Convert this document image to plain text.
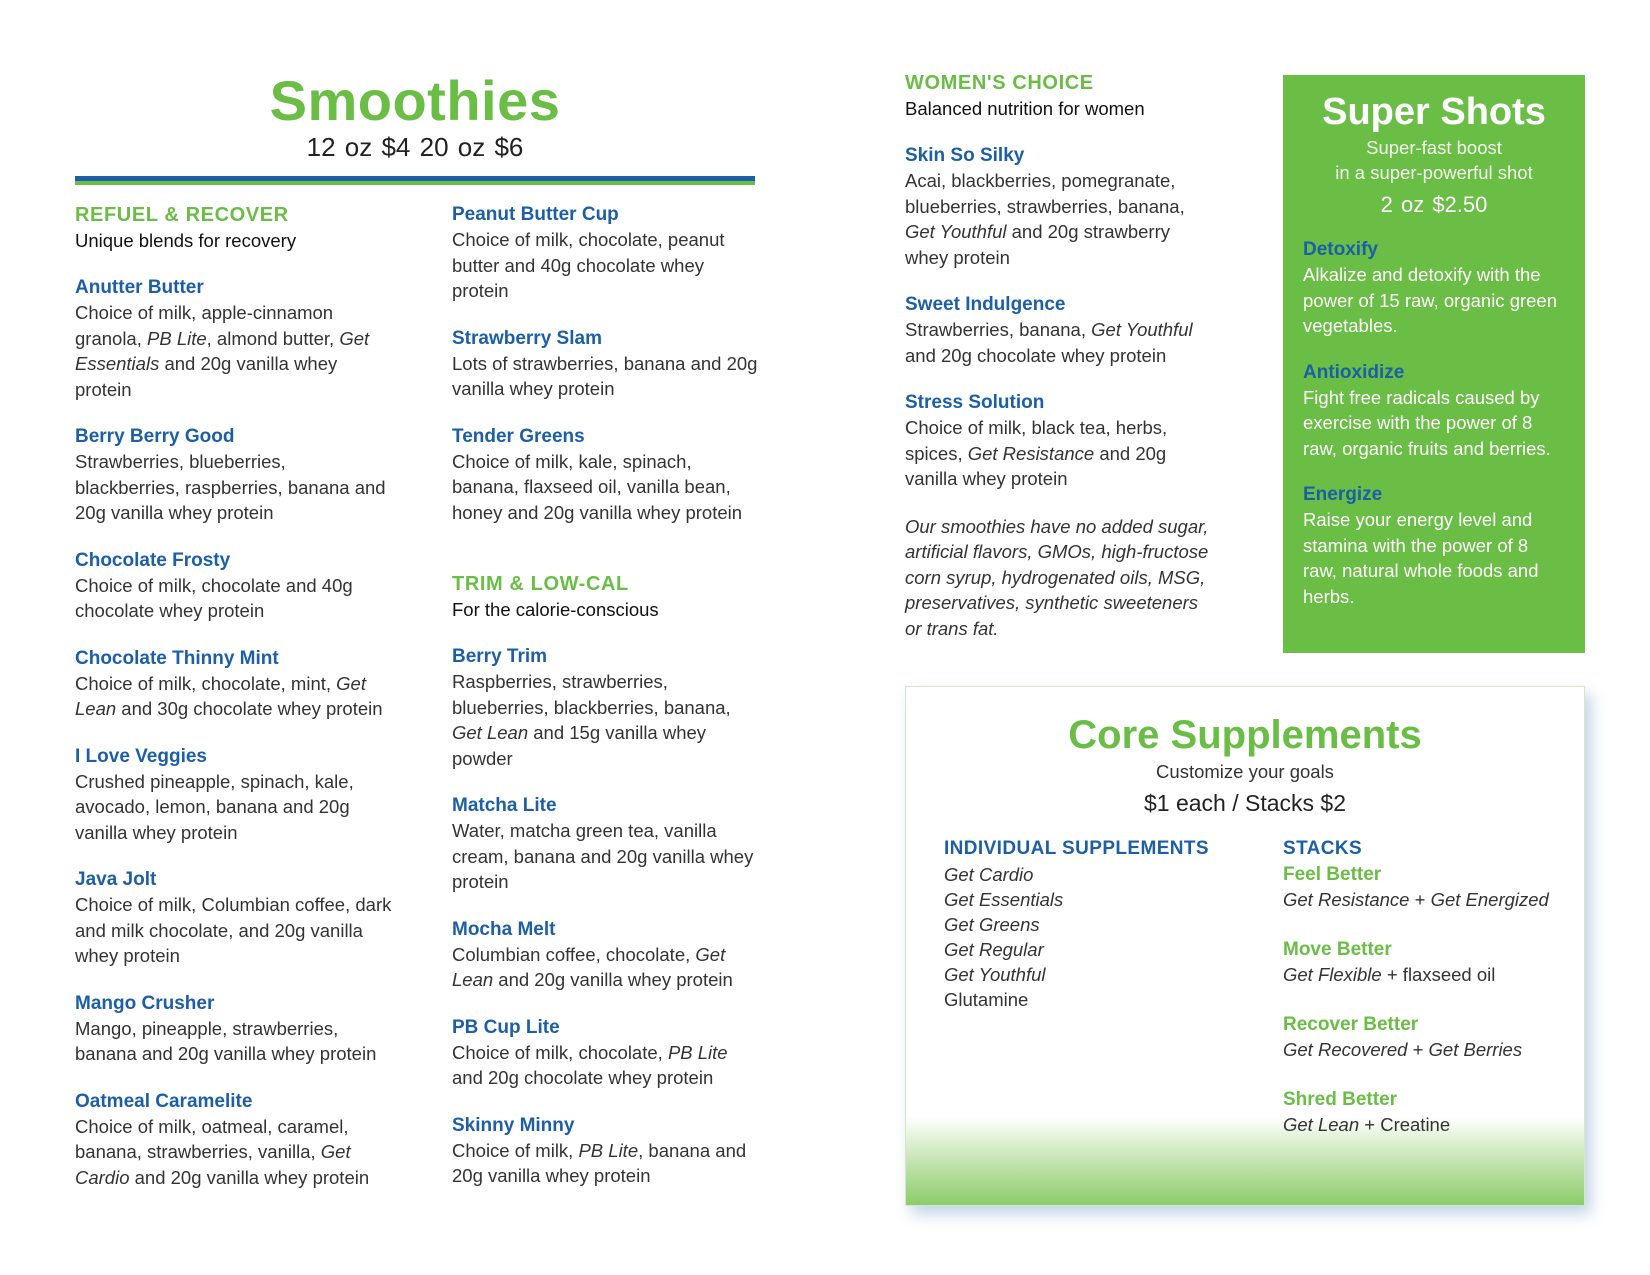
Smoothies
12 oz $4 20 oz $6
REFUEL & RECOVER
Unique blends for recovery
Anutter Butter
Choice of milk, apple-cinnamon granola, PB Lite, almond butter, Get Essentials and 20g vanilla whey protein
Berry Berry Good
Strawberries, blueberries, blackberries, raspberries, banana and 20g vanilla whey protein
Chocolate Frosty
Choice of milk, chocolate and 40g chocolate whey protein
Chocolate Thinny Mint
Choice of milk, chocolate, mint, Get Lean and 30g chocolate whey protein
I Love Veggies
Crushed pineapple, spinach, kale, avocado, lemon, banana and 20g vanilla whey protein
Java Jolt
Choice of milk, Columbian coffee, dark and milk chocolate, and 20g vanilla whey protein
Mango Crusher
Mango, pineapple, strawberries, banana and 20g vanilla whey protein
Oatmeal Caramelite
Choice of milk, oatmeal, caramel, banana, strawberries, vanilla, Get Cardio and 20g vanilla whey protein
Peanut Butter Cup
Choice of milk, chocolate, peanut butter and 40g chocolate whey protein
Strawberry Slam
Lots of strawberries, banana and 20g vanilla whey protein
Tender Greens
Choice of milk, kale, spinach, banana, flaxseed oil, vanilla bean, honey and 20g vanilla whey protein
TRIM & LOW-CAL
For the calorie-conscious
Berry Trim
Raspberries, strawberries, blueberries, blackberries, banana, Get Lean and 15g vanilla whey powder
Matcha Lite
Water, matcha green tea, vanilla cream, banana and 20g vanilla whey protein
Mocha Melt
Columbian coffee, chocolate, Get Lean and 20g vanilla whey protein
PB Cup Lite
Choice of milk, chocolate, PB Lite and 20g chocolate whey protein
Skinny Minny
Choice of milk, PB Lite, banana and 20g vanilla whey protein
WOMEN'S CHOICE
Balanced nutrition for women
Skin So Silky
Acai, blackberries, pomegranate, blueberries, strawberries, banana, Get Youthful and 20g strawberry whey protein
Sweet Indulgence
Strawberries, banana, Get Youthful and 20g chocolate whey protein
Stress Solution
Choice of milk, black tea, herbs, spices, Get Resistance and 20g vanilla whey protein
Our smoothies have no added sugar, artificial flavors, GMOs, high-fructose corn syrup, hydrogenated oils, MSG, preservatives, synthetic sweeteners or trans fat.
Super Shots
Super-fast boost
in a super-powerful shot
2 oz $2.50
Detoxify
Alkalize and detoxify with the power of 15 raw, organic green vegetables.
Antioxidize
Fight free radicals caused by exercise with the power of 8 raw, organic fruits and berries.
Energize
Raise your energy level and stamina with the power of 8 raw, natural whole foods and herbs.
Core Supplements
Customize your goals
$1 each / Stacks $2
INDIVIDUAL SUPPLEMENTS
Get Cardio
Get Essentials
Get Greens
Get Regular
Get Youthful
Glutamine
STACKS
Feel Better
Get Resistance + Get Energized
Move Better
Get Flexible + flaxseed oil
Recover Better
Get Recovered + Get Berries
Shred Better
Get Lean + Creatine
